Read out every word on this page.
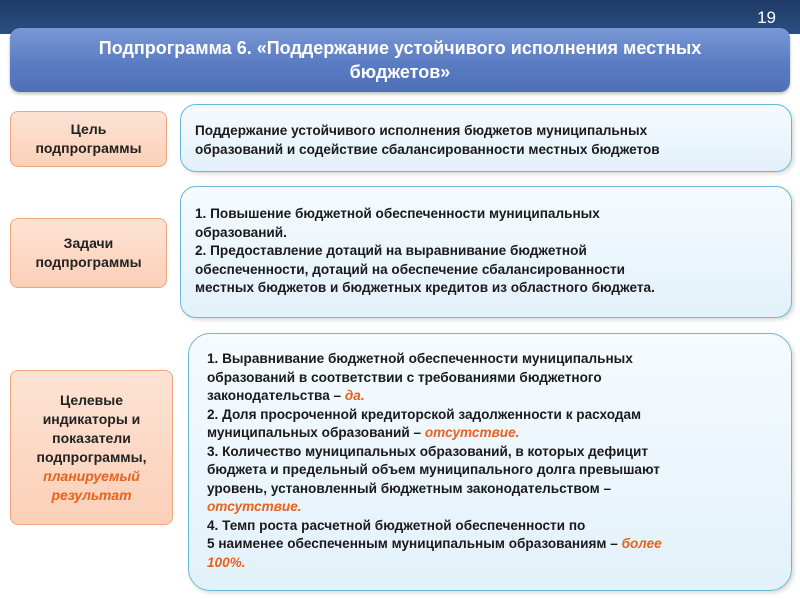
19
Подпрограмма 6. «Поддержание устойчивого исполнения местных
бюджетов»
Цель
подпрограммы
Поддержание устойчивого исполнения бюджетов муниципальных
образований и содействие сбалансированности местных бюджетов
Задачи
подпрограммы
1. Повышение бюджетной обеспеченности муниципальных
образований.
2. Предоставление дотаций на выравнивание бюджетной
обеспеченности, дотаций на обеспечение сбалансированности
местных бюджетов и бюджетных кредитов из областного бюджета.
Целевые
индикаторы и
показатели
подпрограммы,
планируемый
результат
1. Выравнивание бюджетной обеспеченности муниципальных
образований в соответствии с требованиями бюджетного
законодательства – да.
2. Доля просроченной кредиторской задолженности к расходам
муниципальных образований – отсутствие.
3. Количество муниципальных образований, в которых дефицит
бюджета и предельный объем муниципального долга превышают
уровень, установленный бюджетным законодательством –
отсутствие.
4. Темп роста расчетной бюджетной обеспеченности по
5 наименее обеспеченным муниципальным образованиям – более
100%.
